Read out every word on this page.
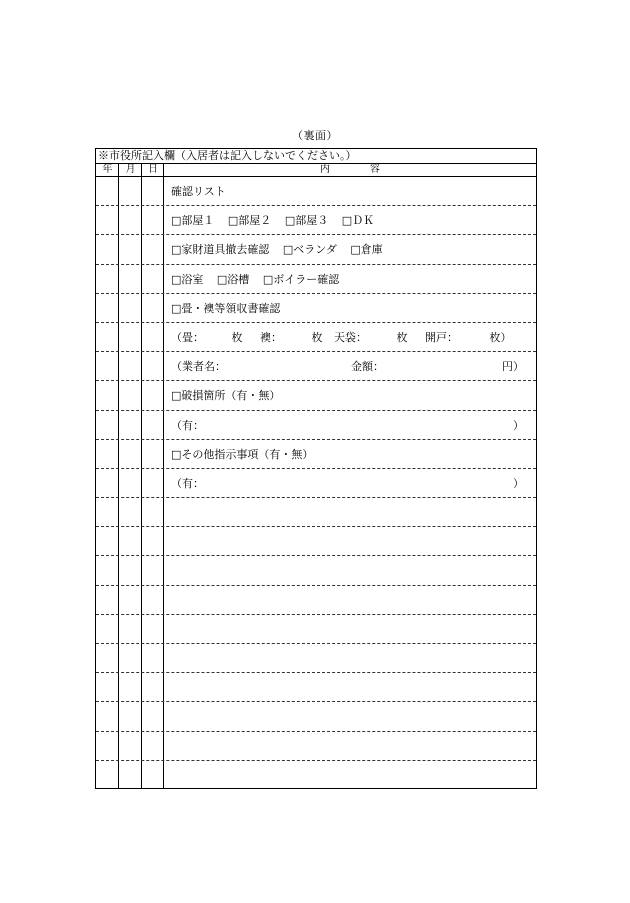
（裏面）
※市役所記入欄（入居者は記入しないでください。）
年	月	日	内　　　　容
確認リスト
□部屋１ □部屋２ □部屋３ □ＤＫ
□家財道具撤去確認 □ベランダ □倉庫
□浴室 □浴槽 □ボイラー確認
□畳・襖等領収書確認
（畳：	枚 襖：	枚 天袋：	枚 開戸：	枚）
（業者名：	金額：	円）
□破損箇所（有・無）
（有：	）
□その他指示事項（有・無）
（有：	）
